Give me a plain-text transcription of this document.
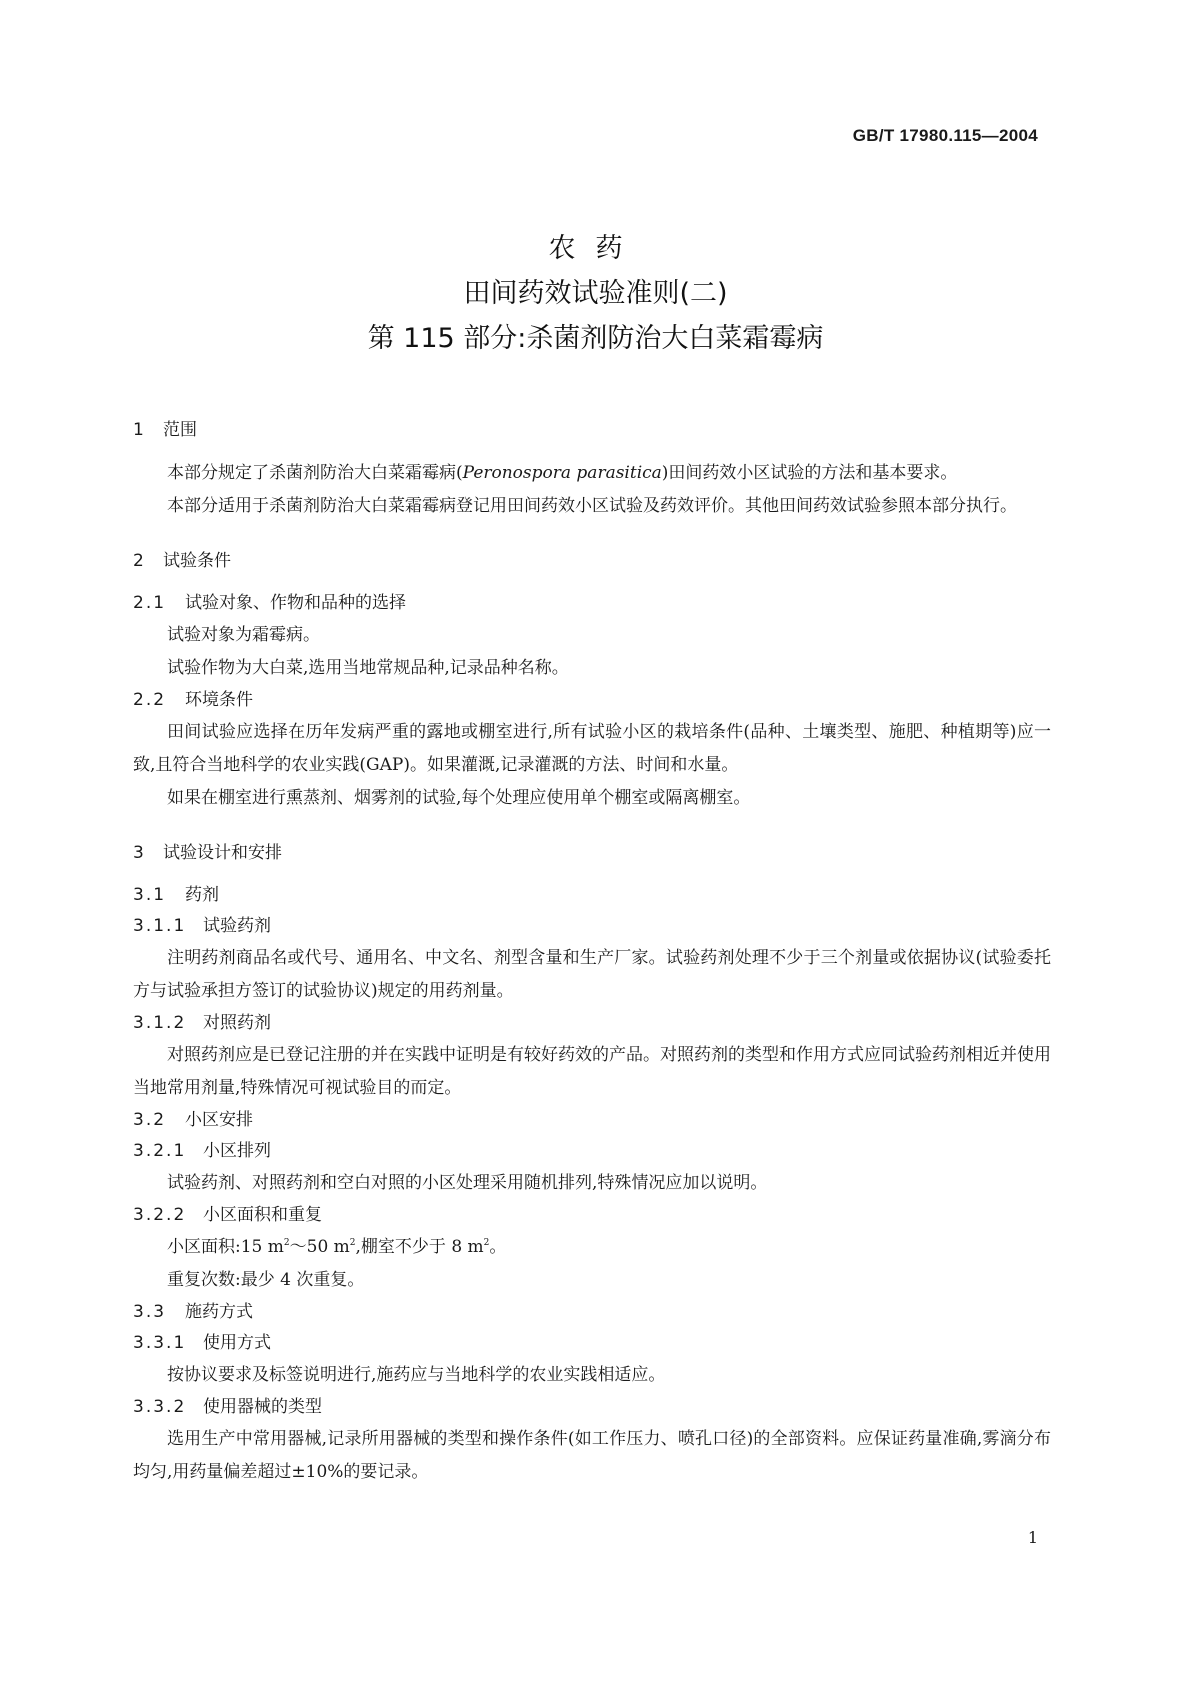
GB/T 17980.115—2004
农药
田间药效试验准则(二)
第 115 部分:杀菌剂防治大白菜霜霉病
1 范围

本部分规定了杀菌剂防治大白菜霜霉病(Peronospora parasitica)田间药效小区试验的方法和基本要求。

本部分适用于杀菌剂防治大白菜霜霉病登记用田间药效小区试验及药效评价。其他田间药效试验参照本部分执行。

2 试验条件
2.1 试验对象、作物和品种的选择

试验对象为霜霉病。

试验作物为大白菜,选用当地常规品种,记录品种名称。

2.2 环境条件

田间试验应选择在历年发病严重的露地或棚室进行,所有试验小区的栽培条件(品种、土壤类型、施肥、种植期等)应一致,且符合当地科学的农业实践(GAP)。如果灌溉,记录灌溉的方法、时间和水量。

如果在棚室进行熏蒸剂、烟雾剂的试验,每个处理应使用单个棚室或隔离棚室。

3 试验设计和安排
3.1 药剂
3.1.1 试验药剂

注明药剂商品名或代号、通用名、中文名、剂型含量和生产厂家。试验药剂处理不少于三个剂量或依据协议(试验委托方与试验承担方签订的试验协议)规定的用药剂量。

3.1.2 对照药剂

对照药剂应是已登记注册的并在实践中证明是有较好药效的产品。对照药剂的类型和作用方式应同试验药剂相近并使用当地常用剂量,特殊情况可视试验目的而定。

3.2 小区安排
3.2.1 小区排列

试验药剂、对照药剂和空白对照的小区处理采用随机排列,特殊情况应加以说明。

3.2.2 小区面积和重复

小区面积:15 $m^2\sim 50$ $m^2$,棚室不少于 8 $m^2$。

重复次数:最少 4 次重复。

3.3 施药方式
3.3.1 使用方式

按协议要求及标签说明进行,施药应与当地科学的农业实践相适应。

3.3.2 使用器械的类型

选用生产中常用器械,记录所用器械的类型和操作条件(如工作压力、喷孔口径)的全部资料。应保证药量准确,雾滴分布均匀,用药量偏差超过±10%的要记录。

1
